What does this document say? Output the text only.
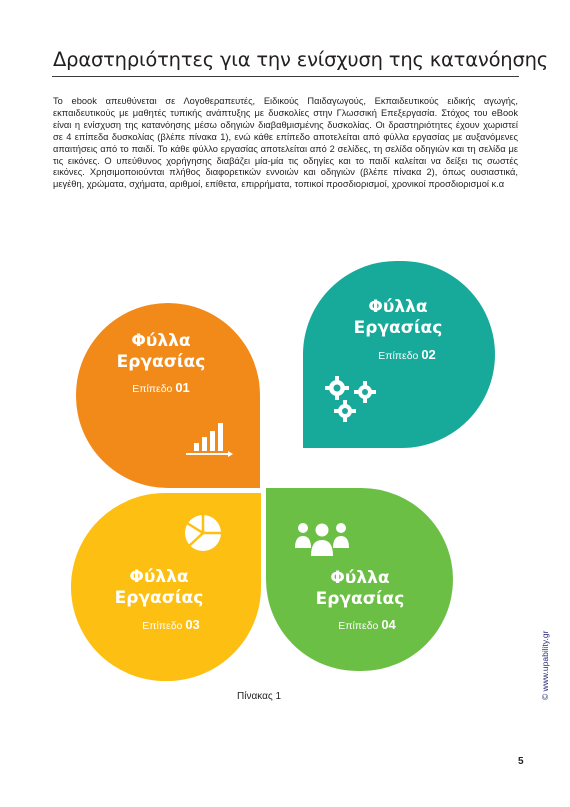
Δραστηριότητες για την ενίσχυση της κατανόησης
Το ebook απευθύνεται σε Λογοθεραπευτές, Ειδικούς Παιδαγωγούς, Εκπαιδευτικούς ειδικής αγωγής, εκπαιδευτικούς με μαθητές τυπικής ανάπτυξης με δυσκολίες στην Γλωσσική Επεξεργασία. Στόχος του eBook είναι η ενίσχυση της κατανόησης μέσω οδηγιών διαβαθμισμένης δυσκολίας. Οι δραστηριότητες έχουν χωριστεί σε 4 επίπεδα δυσκολίας (βλέπε πίνακα 1), ενώ κάθε επίπεδο αποτελείται από φύλλα εργασίας με αυξανόμενες απαιτήσεις από το παιδί. Το κάθε φύλλο εργασίας αποτελείται από 2 σελίδες, τη σελίδα οδηγιών και τη σελίδα με τις εικόνες. Ο υπεύθυνος χορήγησης διαβάζει μία-μία τις οδηγίες και το παιδί καλείται να δείξει τις σωστές εικόνες. Χρησιμοποιούνται πλήθος διαφορετικών εννοιών και οδηγιών (βλέπε πίνακα 2), όπως ουσιαστικά, μεγέθη, χρώματα, σχήματα, αριθμοί, επίθετα, επιρρήματα, τοπικοί προσδιορισμοί, χρονικοί προσδιορισμοί κ.α
Φύλλα
Εργασίας
Επίπεδο 01
Φύλλα
Εργασίας
Επίπεδο 02
Φύλλα
Εργασίας
Επίπεδο 03
Φύλλα
Εργασίας
Επίπεδο 04
Πίνακας 1
5
© www.upability.gr
